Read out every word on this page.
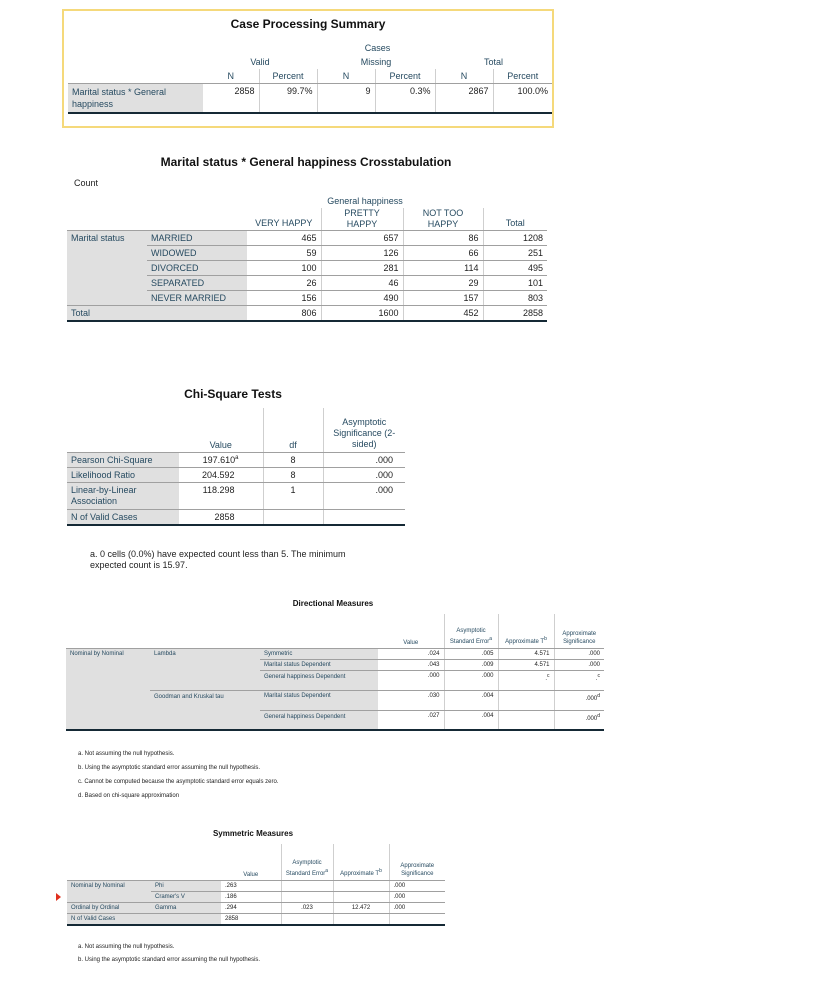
Case Processing Summary
	Cases					
	Valid		Missing		Total	
	N	Percent	N	Percent	N	Percent
Marital status * General happiness	2858	99.7%	9	0.3%	2867	100.0%
Marital status * General happiness Crosstabulation
Count
		General happiness			
		VERY HAPPY	PRETTY HAPPY	NOT TOO HAPPY	Total
Marital status	MARRIED	465	657	86	1208
	WIDOWED	59	126	66	251
	DIVORCED	100	281	114	495
	SEPARATED	26	46	29	101
	NEVER MARRIED	156	490	157	803
Total		806	1600	452	2858
Chi-Square Tests
	Value	df	Asymptotic Significance (2-sided)
Pearson Chi-Square	197.610$^a$	8	.000
Likelihood Ratio	204.592	8	.000
Linear-by-Linear Association	118.298	1	.000
N of Valid Cases	2858		
a. 0 cells (0.0%) have expected count less than 5. The minimum expected count is 15.97.
Directional Measures
			Value	Asymptotic Standard Error$^a$	Approximate $T^b$	Approximate Significance
Nominal by Nominal	Lambda	Symmetric	.024	.005	4.571	.000
		Marital status Dependent	.043	.009	4.571	.000
		General happiness Dependent	.000	.000	.$^c$	.$^c$
	Goodman and Kruskal tau	Marital status Dependent	.030	.004		.000$^d$
		General happiness Dependent	.027	.004		.000$^d$
a. Not assuming the null hypothesis.
b. Using the asymptotic standard error assuming the null hypothesis.
c. Cannot be computed because the asymptotic standard error equals zero.
d. Based on chi-square approximation
Symmetric Measures
		Value	Asymptotic Standard Error$^a$	Approximate $T^b$	Approximate Significance
Nominal by Nominal	Phi	.263			.000
	Cramer's V	.186			.000
Ordinal by Ordinal	Gamma	.294	.023	12.472	.000
N of Valid Cases		2858			
a. Not assuming the null hypothesis.
b. Using the asymptotic standard error assuming the null hypothesis.
